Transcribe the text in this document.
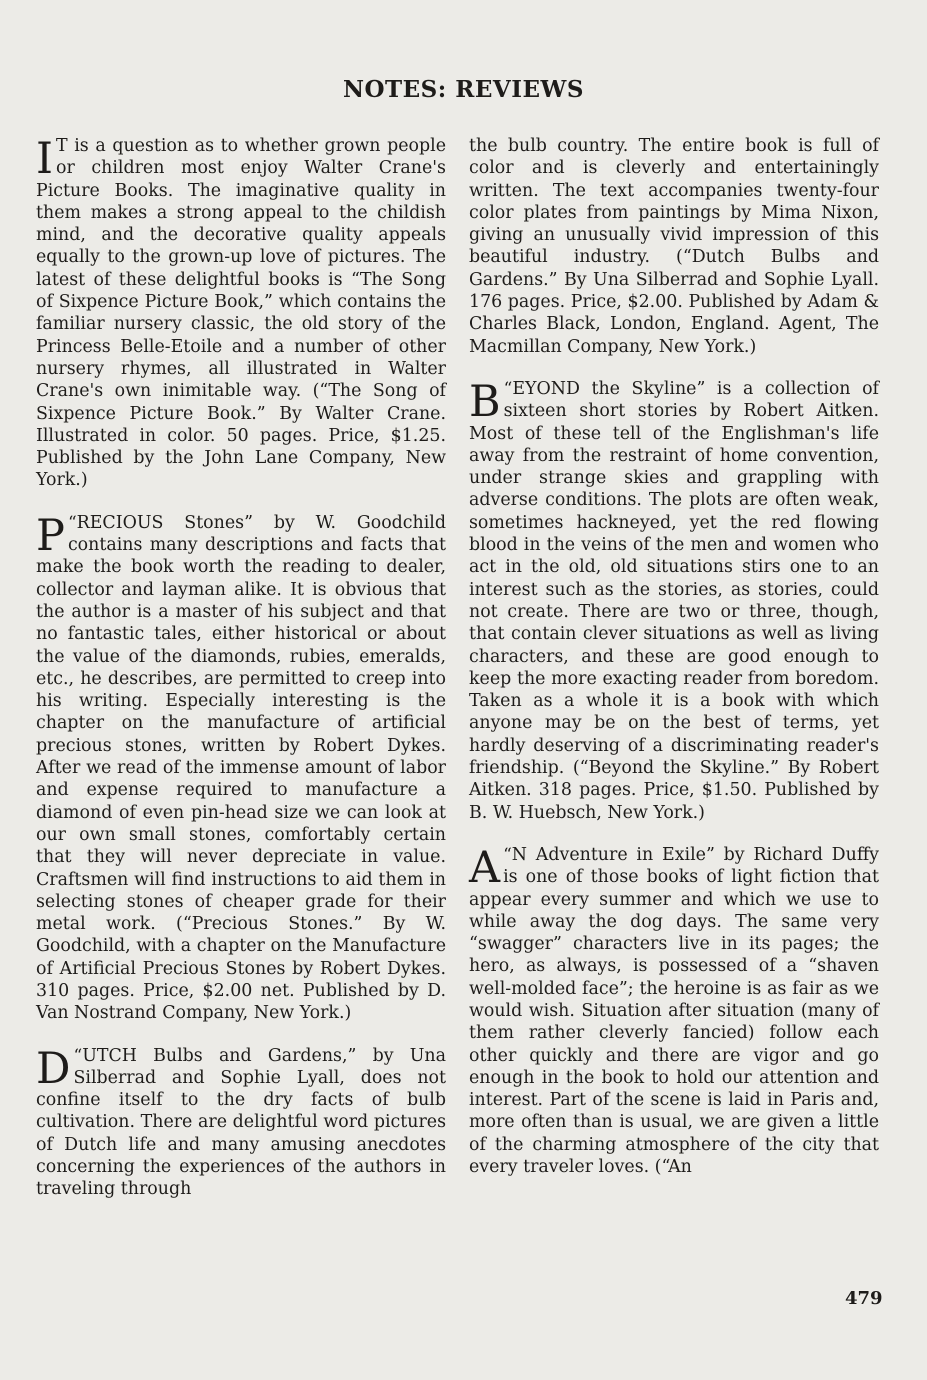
NOTES: REVIEWS

I T is a question as to whether grown people or children most enjoy Walter Crane's Picture Books. The imaginative quality in them makes a strong appeal to the childish mind, and the decorative quality appeals equally to the grown-up love of pictures. The latest of these delightful books is “The Song of Sixpence Picture Book,” which contains the familiar nursery classic, the old story of the Princess Belle-Etoile and a number of other nursery rhymes, all illustrated in Walter Crane's own inimitable way. (“The Song of Sixpence Picture Book.” By Walter Crane. Illustrated in color. 50 pages. Price, $1.25. Published by the John Lane Company, New York.)

“
P RECIOUS Stones” by W. Goodchild contains many descriptions and facts that make the book worth the reading to dealer, collector and layman alike. It is obvious that the author is a master of his subject and that no fantastic tales, either historical or about the value of the diamonds, rubies, emeralds, etc., he describes, are permitted to creep into his writing. Especially interesting is the chapter on the manufacture of artificial precious stones, written by Robert Dykes. After we read of the immense amount of labor and expense required to manufacture a diamond of even pin-head size we can look at our own small stones, comfortably certain that they will never depreciate in value. Craftsmen will find instructions to aid them in selecting stones of cheaper grade for their metal work. (“Precious Stones.” By W. Goodchild, with a chapter on the Manufacture of Artificial Precious Stones by Robert Dykes. 310 pages. Price, $2.00 net. Published by D. Van Nostrand Company, New York.)

“
D UTCH Bulbs and Gardens,” by Una Silberrad and Sophie Lyall, does not confine itself to the dry facts of bulb cultivation. There are delightful word pictures of Dutch life and many amusing anecdotes concerning the experiences of the authors in traveling through

the bulb country. The entire book is full of color and is cleverly and entertainingly written. The text accompanies twenty-four color plates from paintings by Mima Nixon, giving an unusually vivid impression of this beautiful industry. (“Dutch Bulbs and Gardens.” By Una Silberrad and Sophie Lyall. 176 pages. Price, $2.00. Published by Adam & Charles Black, London, England. Agent, The Macmillan Company, New York.)

“
B EYOND the Skyline” is a collection of sixteen short stories by Robert Aitken. Most of these tell of the Englishman's life away from the restraint of home convention, under strange skies and grappling with adverse conditions. The plots are often weak, sometimes hackneyed, yet the red flowing blood in the veins of the men and women who act in the old, old situations stirs one to an interest such as the stories, as stories, could not create. There are two or three, though, that contain clever situations as well as living characters, and these are good enough to keep the more exacting reader from boredom. Taken as a whole it is a book with which anyone may be on the best of terms, yet hardly deserving of a discriminating reader's friendship. (“Beyond the Skyline.” By Robert Aitken. 318 pages. Price, $1.50. Published by B. W. Huebsch, New York.)

“
A N Adventure in Exile” by Richard Duffy is one of those books of light fiction that appear every summer and which we use to while away the dog days. The same very “swagger” characters live in its pages; the hero, as always, is possessed of a “shaven well-molded face”; the heroine is as fair as we would wish. Situation after situation (many of them rather cleverly fancied) follow each other quickly and there are vigor and go enough in the book to hold our attention and interest. Part of the scene is laid in Paris and, more often than is usual, we are given a little of the charming atmosphere of the city that every traveler loves. (“An

479
